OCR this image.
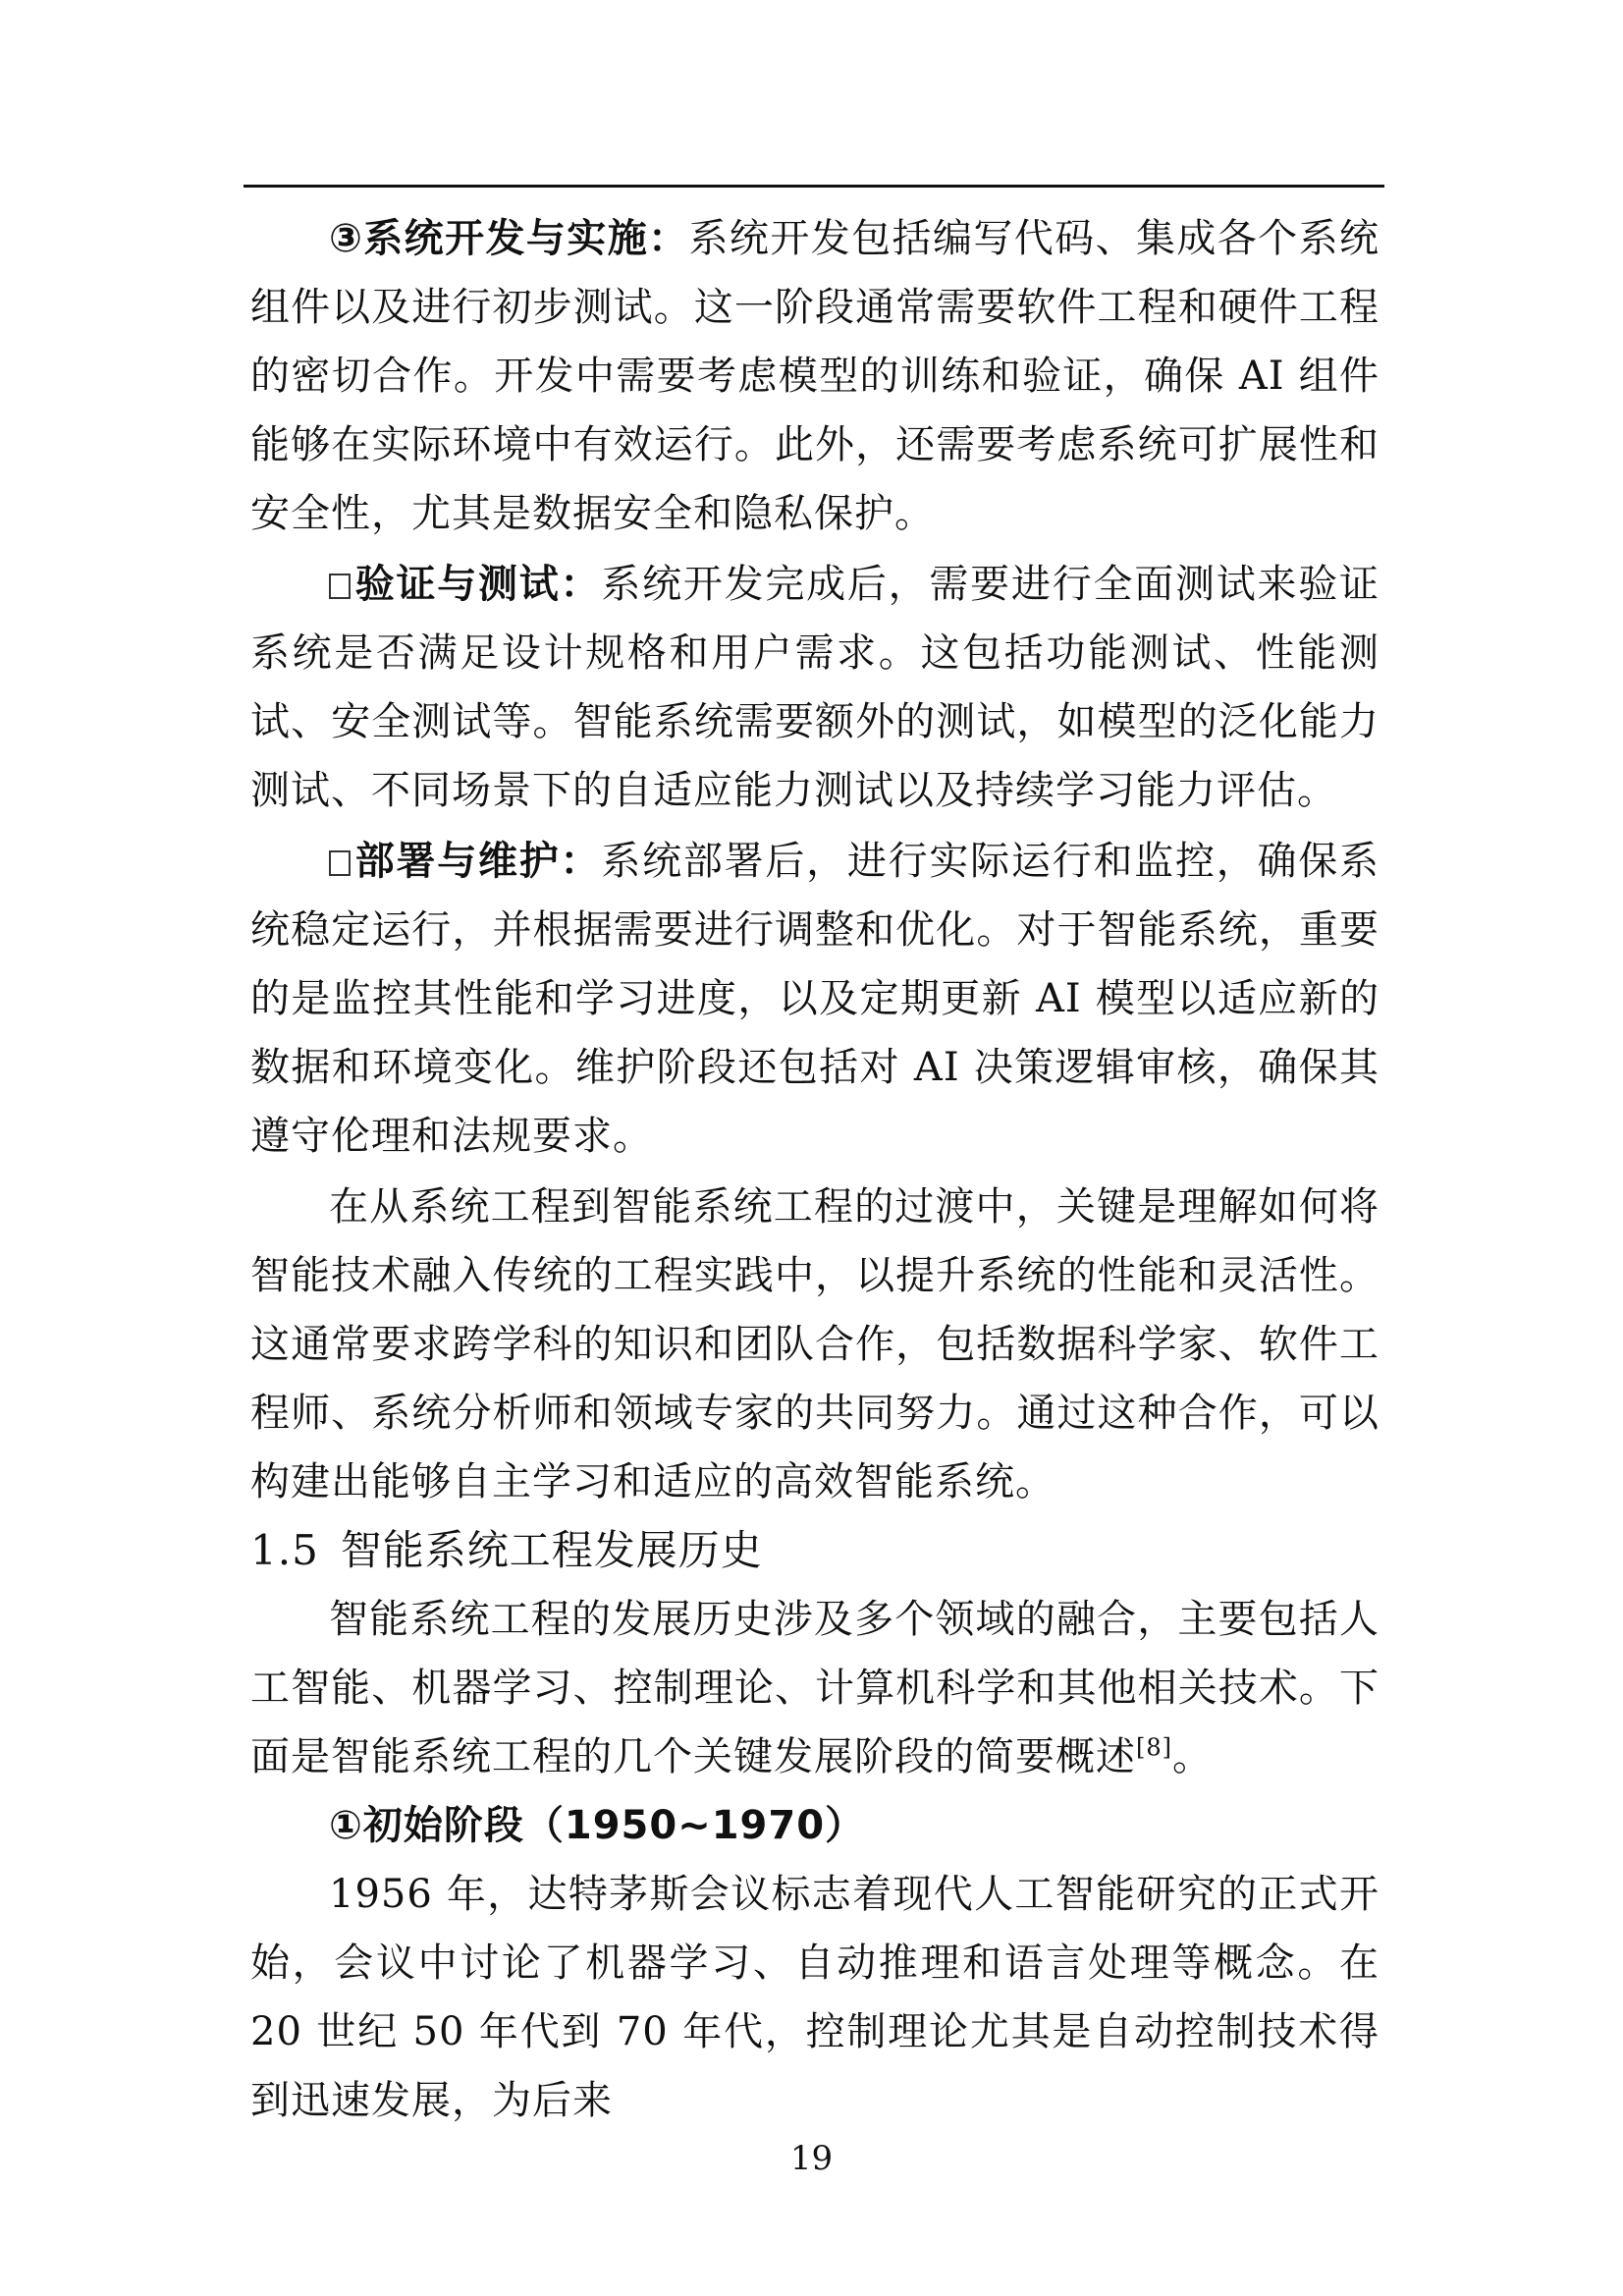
③系统开发与实施：系统开发包括编写代码、集成各个系统组件以及进行初步测试。这一阶段通常需要软件工程和硬件工程的密切合作。开发中需要考虑模型的训练和验证，确保 AI 组件能够在实际环境中有效运行。此外，还需要考虑系统可扩展性和安全性，尤其是数据安全和隐私保护。

验证与测试：系统开发完成后，需要进行全面测试来验证系统是否满足设计规格和用户需求。这包括功能测试、性能测试、安全测试等。智能系统需要额外的测试，如模型的泛化能力测试、不同场景下的自适应能力测试以及持续学习能力评估。

部署与维护：系统部署后，进行实际运行和监控，确保系统稳定运行，并根据需要进行调整和优化。对于智能系统，重要的是监控其性能和学习进度，以及定期更新 AI 模型以适应新的数据和环境变化。维护阶段还包括对 AI 决策逻辑审核，确保其遵守伦理和法规要求。

在从系统工程到智能系统工程的过渡中，关键是理解如何将智能技术融入传统的工程实践中，以提升系统的性能和灵活性。这通常要求跨学科的知识和团队合作，包括数据科学家、软件工程师、系统分析师和领域专家的共同努力。通过这种合作，可以构建出能够自主学习和适应的高效智能系统。

1.5 智能系统工程发展历史

智能系统工程的发展历史涉及多个领域的融合，主要包括人工智能、机器学习、控制理论、计算机科学和其他相关技术。下面是智能系统工程的几个关键发展阶段的简要概述[8]。

①初始阶段（1950~1970）

1956 年，达特茅斯会议标志着现代人工智能研究的正式开始，会议中讨论了机器学习、自动推理和语言处理等概念。在 20 世纪 50 年代到 70 年代，控制理论尤其是自动控制技术得到迅速发展，为后来

19
